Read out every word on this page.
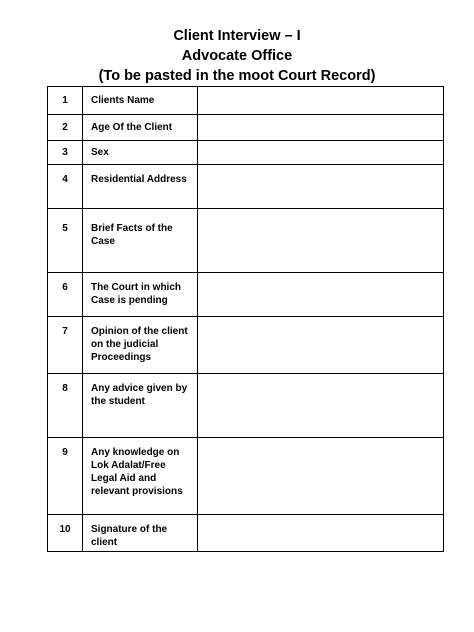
Client Interview – I
Advocate Office
(To be pasted in the moot Court Record)
1	Clients Name	
2	Age Of the Client	
3	Sex	
4	Residential Address	
5	Brief Facts of the Case	
6	The Court in which Case is pending	
7	Opinion of the client on the judicial Proceedings	
8	Any advice given by the student	
9	Any knowledge on Lok Adalat/Free Legal Aid and relevant provisions	
10	Signature of the client	
